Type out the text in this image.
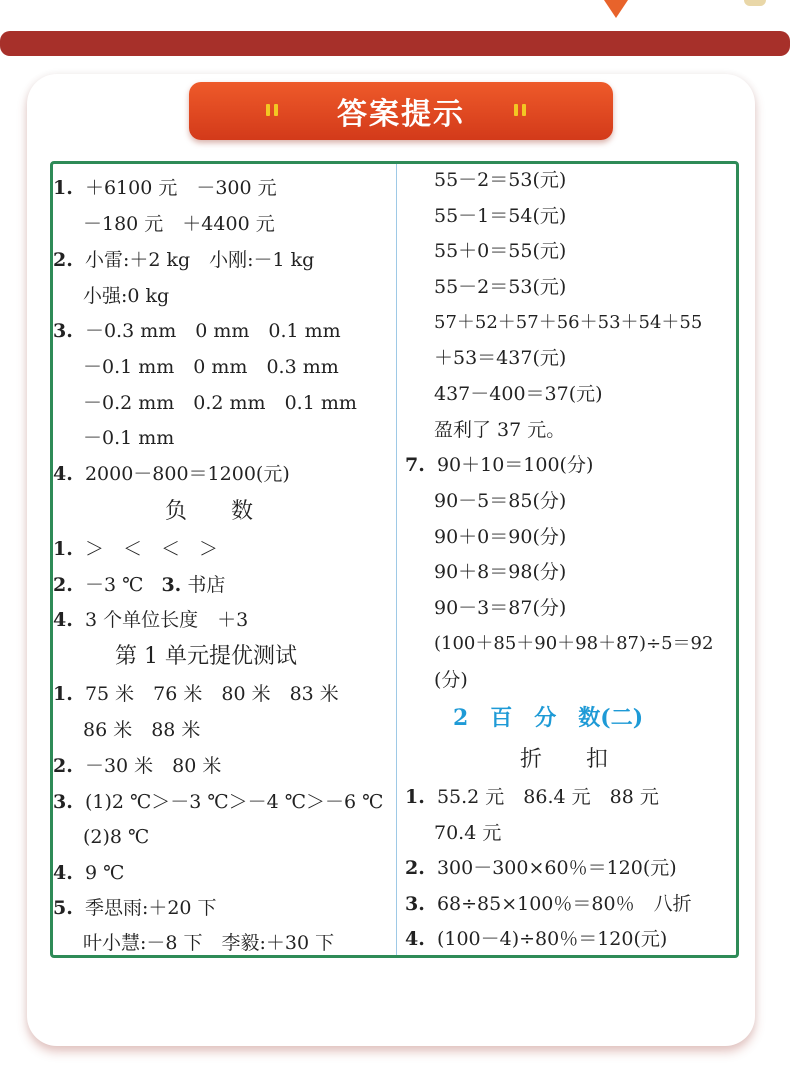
答案提示
1. ＋6100 元　－300 元
－180 元　＋4400 元
2. 小雷:＋2 kg　小刚:－1 kg
小强:0 kg
3. －0.3 mm　0 mm　0.1 mm
－0.1 mm　0 mm　0.3 mm
－0.2 mm　0.2 mm　0.1 mm
－0.1 mm
4. 2000－800＝1200(元)
负　　数
1. ＞　＜　＜　＞
2. －3 ℃ 3. 书店
4. 3 个单位长度　＋3
第 1 单元提优测试
1. 75 米　76 米　80 米　83 米
86 米　88 米
2. －30 米　80 米
3. (1)2 ℃＞－3 ℃＞－4 ℃＞－6 ℃
(2)8 ℃
4. 9 ℃
5. 季思雨:＋20 下
叶小慧:－8 下　李毅:＋30 下
55－2＝53(元)
55－1＝54(元)
55＋0＝55(元)
55－2＝53(元)
57＋52＋57＋56＋53＋54＋55
＋53＝437(元)
437－400＝37(元)
盈利了 37 元。
7. 90＋10＝100(分)
90－5＝85(分)
90＋0＝90(分)
90＋8＝98(分)
90－3＝87(分)
(100＋85＋90＋98＋87)÷5＝92
(分)
2　百　分　数(二)
折　　扣
1. 55.2 元　86.4 元　88 元
70.4 元
2. 300－300×60％＝120(元)
3. 68÷85×100％＝80％　八折
4. (100－4)÷80％＝120(元)
